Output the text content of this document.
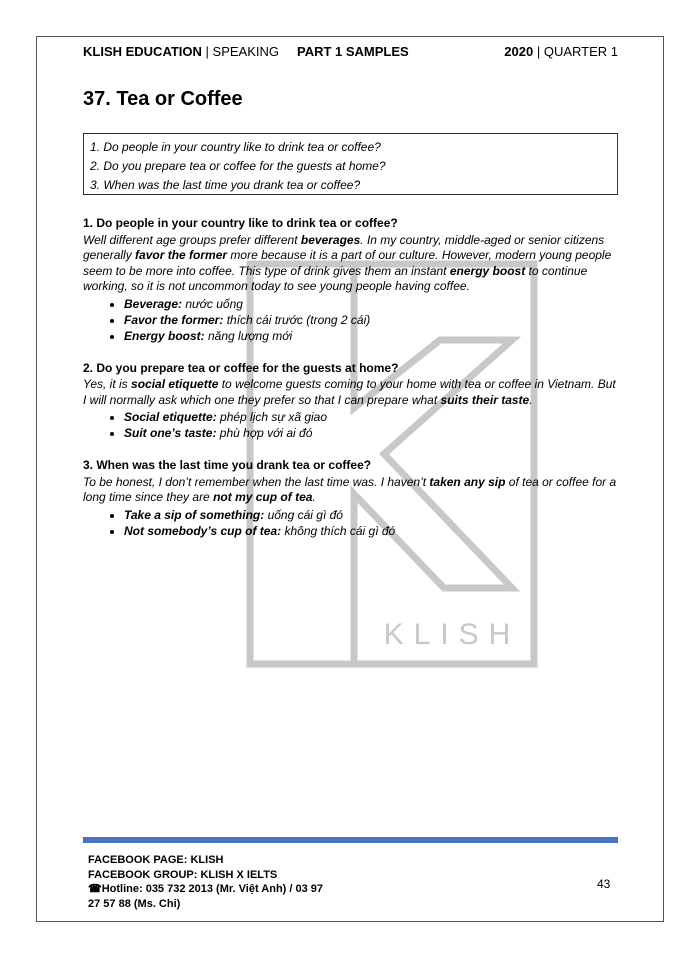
KLISH
KLISH EDUCATION | SPEAKING PART 1 SAMPLES	2020 | QUARTER 1
37. Tea or Coffee
1. Do people in your country like to drink tea or coffee?
2. Do you prepare tea or coffee for the guests at home?
3. When was the last time you drank tea or coffee?

1. Do people in your country like to drink tea or coffee?

Well different age groups prefer different beverages. In my country, middle-aged or senior citizens generally favor the former more because it is a part of our culture. However, modern young people seem to be more into coffee. This type of drink gives them an instant energy boost to continue working, so it is not uncommon today to see young people having coffee.

• Beverage: nước uống
• Favor the former: thích cái trước (trong 2 cái)
• Energy boost: năng lượng mới

2. Do you prepare tea or coffee for the guests at home?

Yes, it is social etiquette to welcome guests coming to your home with tea or coffee in Vietnam. But I will normally ask which one they prefer so that I can prepare what suits their taste.

• Social etiquette: phép lịch sự xã giao
• Suit one’s taste: phù hợp với ai đó

3. When was the last time you drank tea or coffee?

To be honest, I don’t remember when the last time was. I haven’t taken any sip of tea or coffee for a long time since they are not my cup of tea.

• Take a sip of something: uống cái gì đó
• Not somebody’s cup of tea: không thích cái gì đó
FACEBOOK PAGE: KLISH
FACEBOOK GROUP: KLISH X IELTS
☎Hotline: 035 732 2013 (Mr. Việt Anh) / 03 97
27 57 88 (Ms. Chi)
43
